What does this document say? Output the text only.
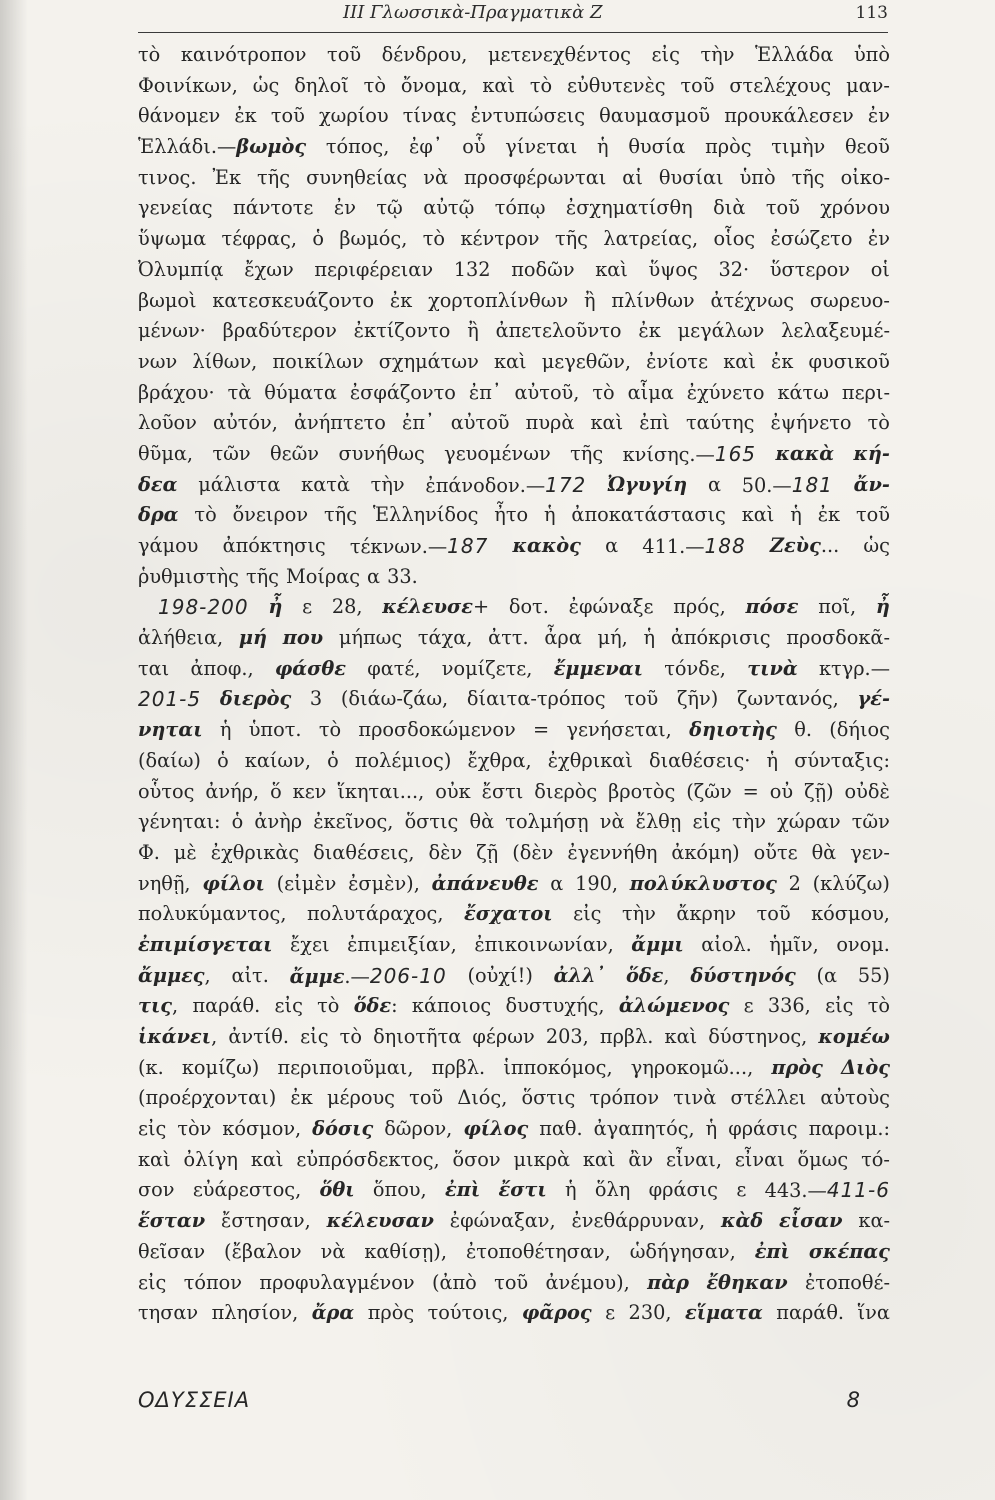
ΙΙΙ Γλωσσικὰ-Πραγματικὰ Ζ	113
τὸ καινότροπον τοῦ δένδρου, μετενεχθέντος εἰς τὴν Ἑλλάδα ὑπὸ
Φοινίκων, ὡς δηλοῖ τὸ ὄνομα, καὶ τὸ εὐθυτενὲς τοῦ στελέχους μαν-
θάνομεν ἐκ τοῦ χωρίου τίνας ἐντυπώσεις θαυμασμοῦ προυκάλεσεν ἐν
Ἑλλάδι.—βωμὸς τόπος, ἐφ᾿ οὗ γίνεται ἡ θυσία πρὸς τιμὴν θεοῦ
τινος. Ἐκ τῆς συνηθείας νὰ προσφέρωνται αἱ θυσίαι ὑπὸ τῆς οἰκο-
γενείας πάντοτε ἐν τῷ αὐτῷ τόπῳ ἐσχηματίσθη διὰ τοῦ χρόνου
ὕψωμα τέφρας, ὁ βωμός, τὸ κέντρον τῆς λατρείας, οἷος ἐσώζετο ἐν
Ὀλυμπίᾳ ἔχων περιφέρειαν 132 ποδῶν καὶ ὕψος 32· ὕστερον οἱ
βωμοὶ κατεσκευάζοντο ἐκ χορτοπλίνθων ἢ πλίνθων ἀτέχνως σωρευο-
μένων· βραδύτερον ἐκτίζοντο ἢ ἀπετελοῦντο ἐκ μεγάλων λελαξευμέ-
νων λίθων, ποικίλων σχημάτων καὶ μεγεθῶν, ἐνίοτε καὶ ἐκ φυσικοῦ
βράχου· τὰ θύματα ἐσφάζοντο ἐπ᾿ αὐτοῦ, τὸ αἷμα ἐχύνετο κάτω περι-
λοῦον αὐτόν, ἀνήπτετο ἐπ᾿ αὐτοῦ πυρὰ καὶ ἐπὶ ταύτης ἐψήνετο τὸ
θῦμα, τῶν θεῶν συνήθως γευομένων τῆς κνίσης.—165 κακὰ κή-
δεα μάλιστα κατὰ τὴν ἐπάνοδον.—172 Ὠγυγίη α 50.—181 ἄν-
δρα τὸ ὄνειρον τῆς Ἑλληνίδος ἦτο ἡ ἀποκατάστασις καὶ ἡ ἐκ τοῦ
γάμου ἀπόκτησις τέκνων.—187 κακὸς α 411.—188 Ζεὺς... ὡς
ῥυθμιστὴς τῆς Μοίρας α 33.
198-200 ἦ ε 28, κέλευσε+ δοτ. ἐφώναξε πρός, πόσε ποῖ, ἦ
ἀλήθεια, μή που μήπως τάχα, ἀττ. ἆρα μή, ἡ ἀπόκρισις προσδοκᾶ-
ται ἀποφ., φάσθε φατέ, νομίζετε, ἔμμεναι τόνδε, τινὰ κτγρ.—
201-5 διερὸς 3 (διάω-ζάω, δίαιτα-τρόπος τοῦ ζῆν) ζωντανός, γέ-
νηται ἡ ὑποτ. τὸ προσδοκώμενον = γενήσεται, δηιοτὴς θ. (δήιος
(δαίω) ὁ καίων, ὁ πολέμιος) ἔχθρα, ἐχθρικαὶ διαθέσεις· ἡ σύνταξις:
οὗτος ἀνήρ, ὅ κεν ἵκηται..., οὐκ ἔστι διερὸς βροτὸς (ζῶν = οὐ ζῇ) οὐδὲ
γένηται: ὁ ἀνὴρ ἐκεῖνος, ὅστις θὰ τολμήσῃ νὰ ἔλθῃ εἰς τὴν χώραν τῶν
Φ. μὲ ἐχθρικὰς διαθέσεις, δὲν ζῇ (δὲν ἐγεννήθη ἀκόμη) οὔτε θὰ γεν-
νηθῇ, φίλοι (εἰμὲν ἐσμὲν), ἀπάνευθε α 190, πολύκλυστος 2 (κλύζω)
πολυκύμαντος, πολυτάραχος, ἔσχατοι εἰς τὴν ἄκρην τοῦ κόσμου,
ἐπιμίσγεται ἔχει ἐπιμειξίαν, ἐπικοινωνίαν, ἄμμι αἰολ. ἡμῖν, ονομ.
ἄμμες, αἰτ. ἄμμε.—206-10 (οὐχί!) ἀλλ᾿ ὅδε, δύστηνός (α 55)
τις, παράθ. εἰς τὸ ὅδε: κάποιος δυστυχής, ἀλώμενος ε 336, εἰς τὸ
ἱκάνει, ἀντίθ. εἰς τὸ δηιοτῆτα φέρων 203, πρβλ. καὶ δύστηνος, κομέω
(κ. κομίζω) περιποιοῦμαι, πρβλ. ἱπποκόμος, γηροκομῶ..., πρὸς Διὸς
(προέρχονται) ἐκ μέρους τοῦ Διός, ὅστις τρόπον τινὰ στέλλει αὐτοὺς
εἰς τὸν κόσμον, δόσις δῶρον, φίλος παθ. ἀγαπητός, ἡ φράσις παροιμ.:
καὶ ὀλίγη καὶ εὐπρόσδεκτος, ὅσον μικρὰ καὶ ἂν εἶναι, εἶναι ὅμως τό-
σον εὐάρεστος, ὅθι ὅπου, ἐπὶ ἔστι ἡ ὅλη φράσις ε 443.—411-6
ἕσταν ἔστησαν, κέλευσαν ἐφώναξαν, ἐνεθάρρυναν, κὰδ εἷσαν κα-
θεῖσαν (ἔβαλον νὰ καθίσῃ), ἐτοποθέτησαν, ὡδήγησαν, ἐπὶ σκέπας
εἰς τόπον προφυλαγμένον (ἀπὸ τοῦ ἀνέμου), πὰρ ἔθηκαν ἐτοποθέ-
τησαν πλησίον, ἄρα πρὸς τούτοις, φᾶρος ε 230, εἵματα παράθ. ἵνα
ΟΔΥΣΣΕΙΑ	8
